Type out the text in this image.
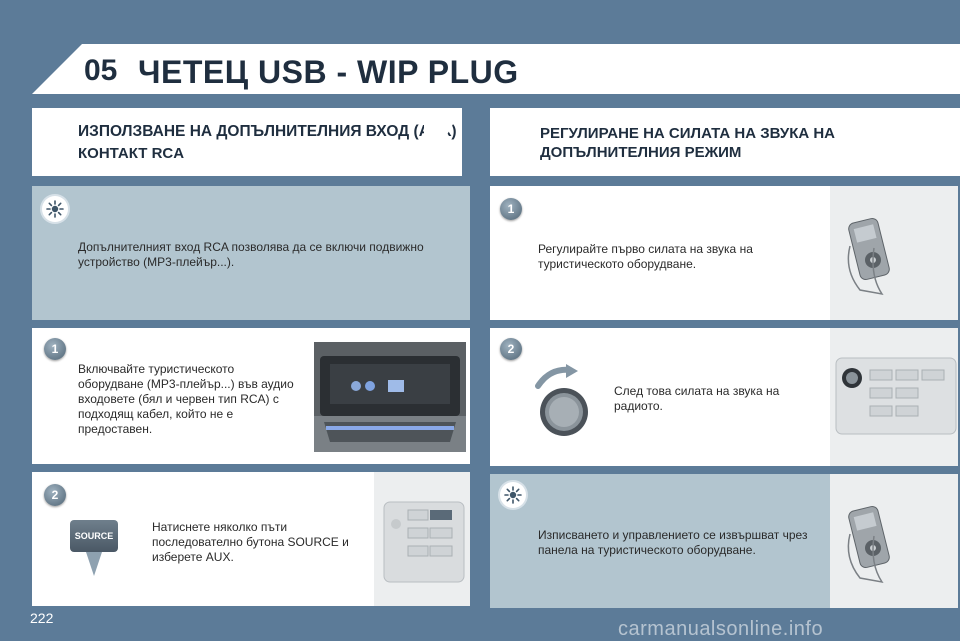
05 ЧЕТЕЦ USB - WIP PLUG
ИЗПОЛЗВАНЕ НА ДОПЪЛНИТЕЛНИЯ ВХОД (AUX)
КОНТАКТ RCA
РЕГУЛИРАНЕ НА СИЛАТА НА ЗВУКА НА ДОПЪЛНИТЕЛНИЯ РЕЖИМ
Допълнителният вход RCA позволява да се включи подвижно устройство (MP3-плейър...).
1
Включвайте туристическото оборудване (MP3-плейър...) във аудио входовете (бял и червен тип RCA) с подходящ кабел, който не е предоставен.
2
SOURCE
Натиснете няколко пъти последователно бутона SOURCE и изберете AUX.
1
Регулирайте първо силата на звука на туристическото оборудване.
2
След това силата на звука на радиото.
Изписването и управлението се извършват чрез панела на туристическото оборудване.
222	carmanualsonline.info
